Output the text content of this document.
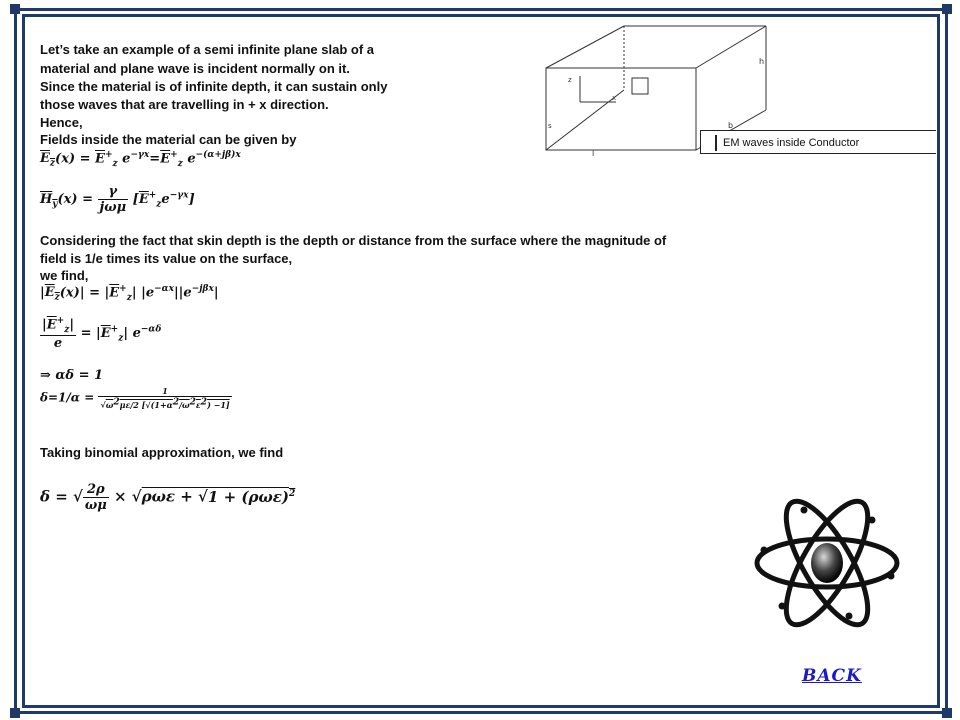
Let’s take an example of a semi infinite plane slab of a
material and plane wave is incident normally on it.
Since the material is of infinite depth, it can sustain only
those waves that are travelling in + x direction.
Hence,
Fields inside the material can be given by
$E_z(x) = \overline{E}^+_z$ $e^{-\gamma x}=\overline{E}^+_z$ $e^{-(\alpha+j\beta)x}$
$H_y(x) = \frac{\gamma}{\text{jωμ}} [\overline{E}^+_ze^{-\gamma x}]$
Considering the fact that skin depth is the depth or distance from the surface where the magnitude of
field is 1/e times its value on the surface,
we find,
$|E_z(x)| = |\overline{E}^+_z|$ $|e^{-\alpha x}||e^{-j\beta x}|$
$\frac{|\overline{E}^+_z|}{e} = |\overline{E}^+_z|$ $e^{-\alpha\delta}$
⇒ αδ = 1
$\delta=1/\alpha = \frac{1}{√\omega 2\mu\varepsilon/2 [√(1+\alpha 2/\omega 2\varepsilon 2) -1]}$
Taking binomial approximation, we find
δ = √ $\frac{2\rho}{\omega\mu} \times √\rho\omega\varepsilon + √1 + (\rho\omega\varepsilon)^2$
z
x
s
h
b
l
EM waves inside Conductor
BACK
